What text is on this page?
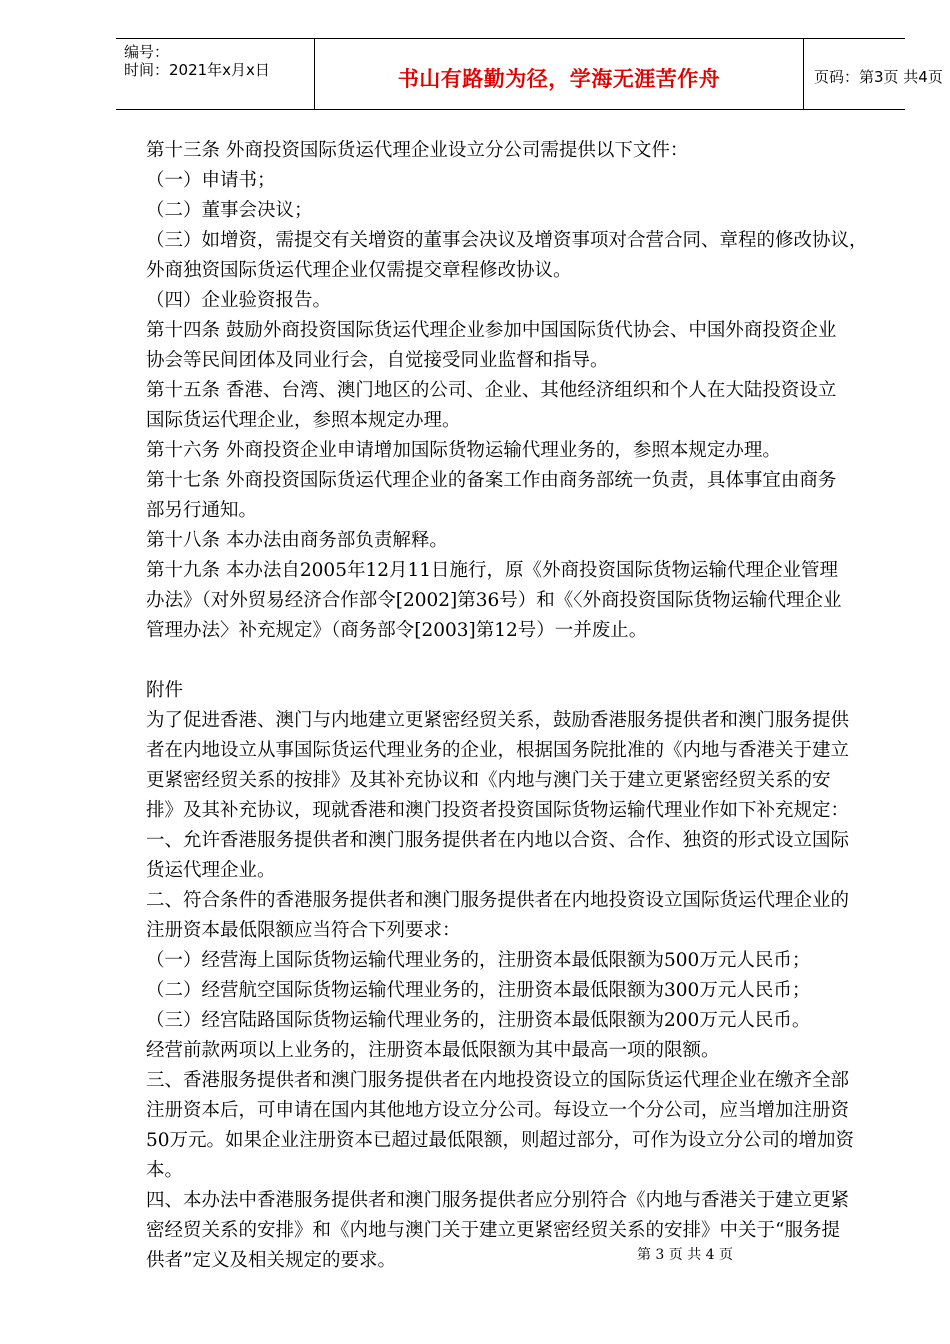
编号：
时间：2021年x月x日	书山有路勤为径，学海无涯苦作舟	页码：第3页 共4页
第十三条 外商投资国际货运代理企业设立分公司需提供以下文件：
（一）申请书；
（二）董事会决议；
（三）如增资，需提交有关增资的董事会决议及增资事项对合营合同、章程的修改协议，
外商独资国际货运代理企业仅需提交章程修改协议。
（四）企业验资报告。
第十四条 鼓励外商投资国际货运代理企业参加中国国际货代协会、中国外商投资企业
协会等民间团体及同业行会，自觉接受同业监督和指导。
第十五条 香港、台湾、澳门地区的公司、企业、其他经济组织和个人在大陆投资设立
国际货运代理企业，参照本规定办理。
第十六务 外商投资企业申请增加国际货物运输代理业务的，参照本规定办理。
第十七条 外商投资国际货运代理企业的备案工作由商务部统一负责，具体事宜由商务
部另行通知。
第十八条 本办法由商务部负责解释。
第十九条 本办法自2005年12月11日施行，原《外商投资国际货物运输代理企业管理
办法》（对外贸易经济合作部令[2002]第36号）和《〈外商投资国际货物运输代理企业
管理办法〉补充规定》（商务部令[2003]第12号）一并废止。
附件
为了促进香港、澳门与内地建立更紧密经贸关系，鼓励香港服务提供者和澳门服务提供
者在内地设立从事国际货运代理业务的企业，根据国务院批准的《内地与香港关于建立
更紧密经贸关系的按排》及其补充协议和《内地与澳门关于建立更紧密经贸关系的安
排》及其补充协议，现就香港和澳门投资者投资国际货物运输代理业作如下补充规定：
一、允许香港服务提供者和澳门服务提供者在内地以合资、合作、独资的形式设立国际
货运代理企业。
二、符合条件的香港服务提供者和澳门服务提供者在内地投资设立国际货运代理企业的
注册资本最低限额应当符合下列要求：
（一）经营海上国际货物运输代理业务的，注册资本最低限额为500万元人民币；
（二）经营航空国际货物运输代理业务的，注册资本最低限额为300万元人民币；
（三）经宫陆路国际货物运输代理业务的，注册资本最低限额为200万元人民币。
经营前款两项以上业务的，注册资本最低限额为其中最高一项的限额。
三、香港服务提供者和澳门服务提供者在内地投资设立的国际货运代理企业在缴齐全部
注册资本后，可申请在国内其他地方设立分公司。每设立一个分公司，应当增加注册资
50万元。如果企业注册资本已超过最低限额，则超过部分，可作为设立分公司的增加资
本。
四、本办法中香港服务提供者和澳门服务提供者应分别符合《内地与香港关于建立更紧
密经贸关系的安排》和《内地与澳门关于建立更紧密经贸关系的安排》中关于“服务提
供者”定义及相关规定的要求。	第 3 页 共 4 页
